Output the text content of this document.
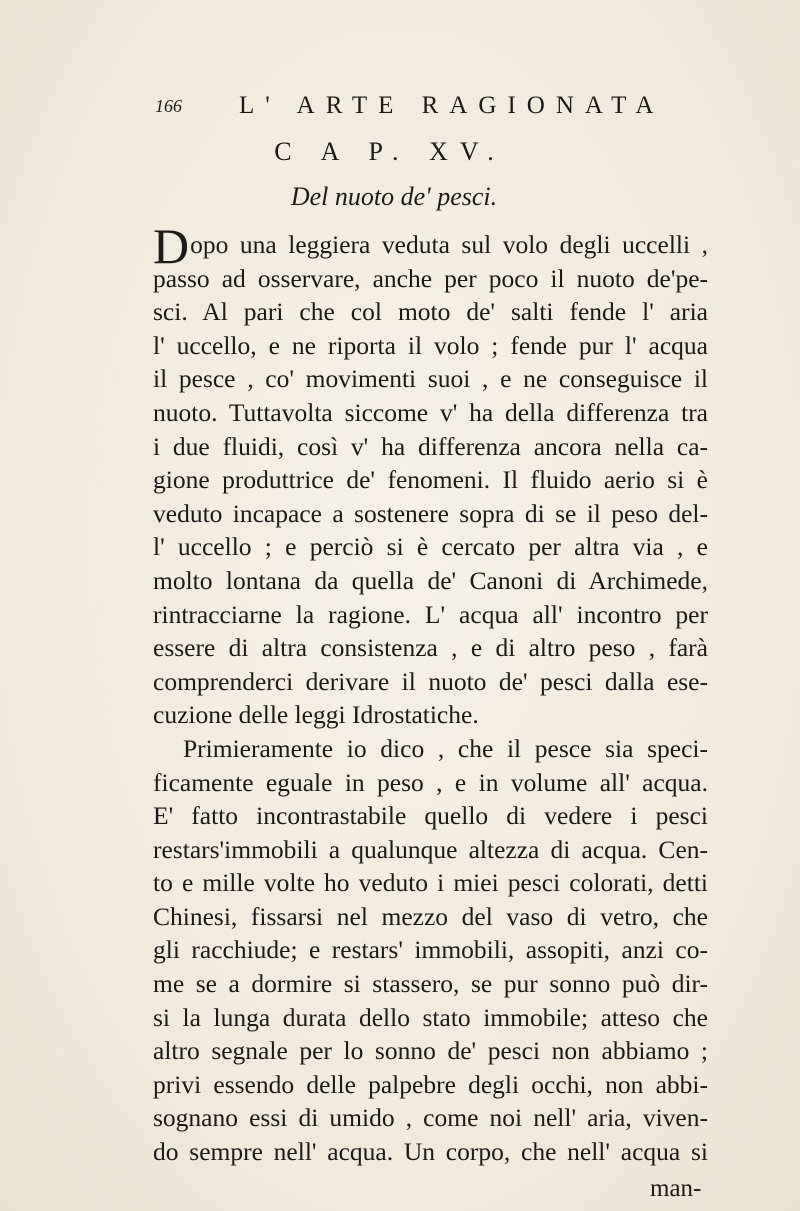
166 L' ARTE RAGIONATA
C A P. XV.
Del nuoto de' pesci.
Dopo una leggiera veduta sul volo degli uccelli ,
passo ad osservare, anche per poco il nuoto de'pe-
sci. Al pari che col moto de' salti fende l' aria
l' uccello, e ne riporta il volo ; fende pur l' acqua
il pesce , co' movimenti suoi , e ne conseguisce il
nuoto. Tuttavolta siccome v' ha della differenza tra
i due fluidi, così v' ha differenza ancora nella ca-
gione produttrice de' fenomeni. Il fluido aerio si è
veduto incapace a sostenere sopra di se il peso del-
l' uccello ; e perciò si è cercato per altra via , e
molto lontana da quella de' Canoni di Archimede,
rintracciarne la ragione. L' acqua all' incontro per
essere di altra consistenza , e di altro peso , farà
comprenderci derivare il nuoto de' pesci dalla ese-
cuzione delle leggi Idrostatiche.
Primieramente io dico , che il pesce sia speci-
ficamente eguale in peso , e in volume all' acqua.
E' fatto incontrastabile quello di vedere i pesci
restars'immobili a qualunque altezza di acqua. Cen-
to e mille volte ho veduto i miei pesci colorati, detti
Chinesi, fissarsi nel mezzo del vaso di vetro, che
gli racchiude; e restars' immobili, assopiti, anzi co-
me se a dormire si stassero, se pur sonno può dir-
si la lunga durata dello stato immobile; atteso che
altro segnale per lo sonno de' pesci non abbiamo ;
privi essendo delle palpebre degli occhi, non abbi-
sognano essi di umido , come noi nell' aria, viven-
do sempre nell' acqua. Un corpo, che nell' acqua si
man-
